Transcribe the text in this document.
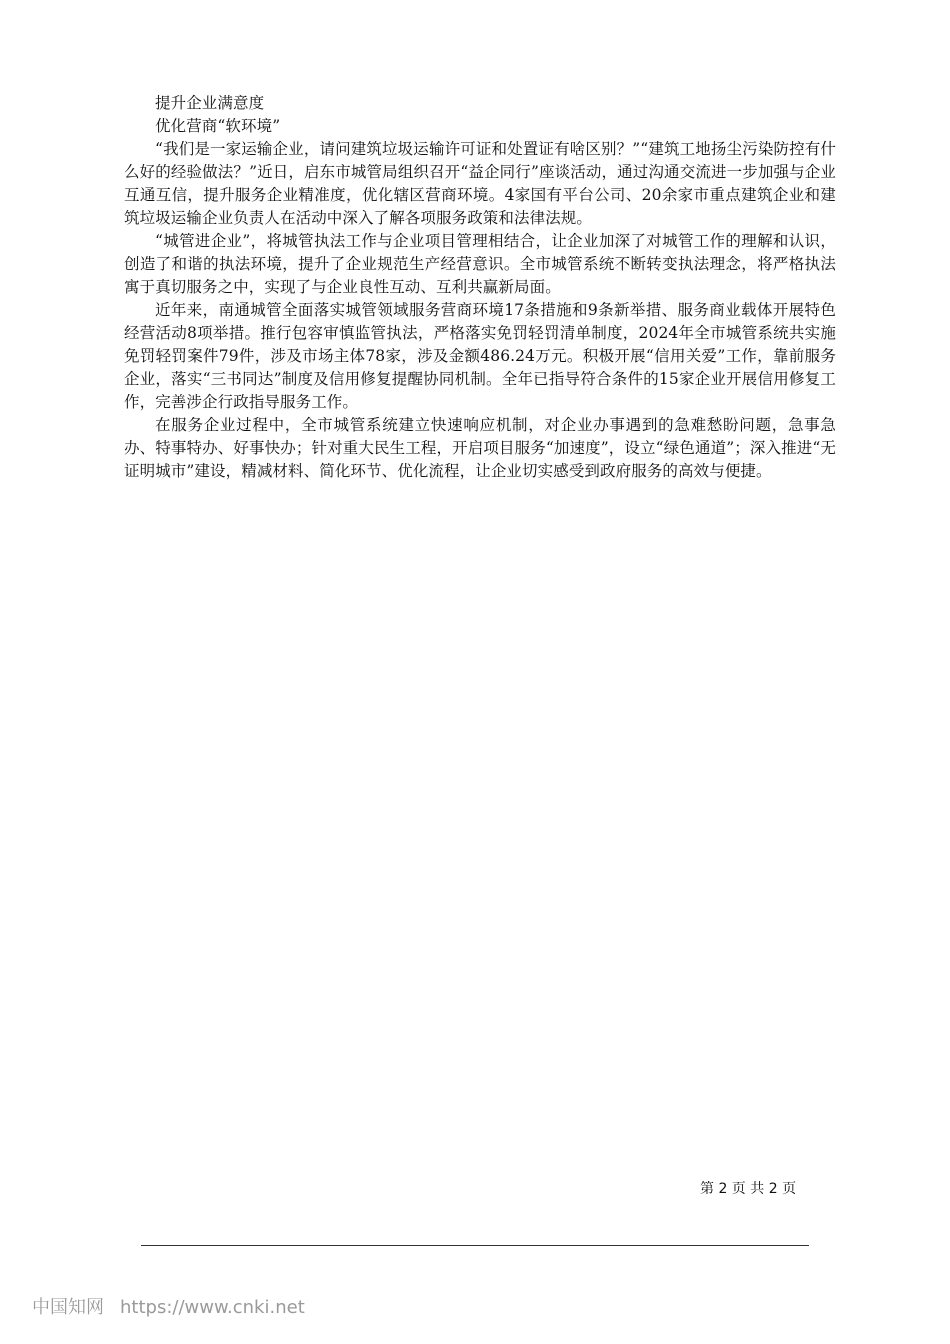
提升企业满意度

优化营商“软环境”

“我们是一家运输企业，请问建筑垃圾运输许可证和处置证有啥区别？”“建筑工地扬尘污染防控有什么好的经验做法？”近日，启东市城管局组织召开“益企同行”座谈活动，通过沟通交流进一步加强与企业互通互信，提升服务企业精准度，优化辖区营商环境。4家国有平台公司、20余家市重点建筑企业和建筑垃圾运输企业负责人在活动中深入了解各项服务政策和法律法规。

“城管进企业”，将城管执法工作与企业项目管理相结合，让企业加深了对城管工作的理解和认识，创造了和谐的执法环境，提升了企业规范生产经营意识。全市城管系统不断转变执法理念，将严格执法寓于真切服务之中，实现了与企业良性互动、互利共赢新局面。

近年来，南通城管全面落实城管领域服务营商环境17条措施和9条新举措、服务商业载体开展特色经营活动8项举措。推行包容审慎监管执法，严格落实免罚轻罚清单制度，2024年全市城管系统共实施免罚轻罚案件79件，涉及市场主体78家，涉及金额486.24万元。积极开展“信用关爱”工作，靠前服务企业，落实“三书同达”制度及信用修复提醒协同机制。全年已指导符合条件的15家企业开展信用修复工作，完善涉企行政指导服务工作。

在服务企业过程中，全市城管系统建立快速响应机制，对企业办事遇到的急难愁盼问题，急事急办、特事特办、好事快办；针对重大民生工程，开启项目服务“加速度”，设立“绿色通道”；深入推进“无证明城市”建设，精减材料、简化环节、优化流程，让企业切实感受到政府服务的高效与便捷。

第 2 页 共 2 页
中国知网 https://www.cnki.net
